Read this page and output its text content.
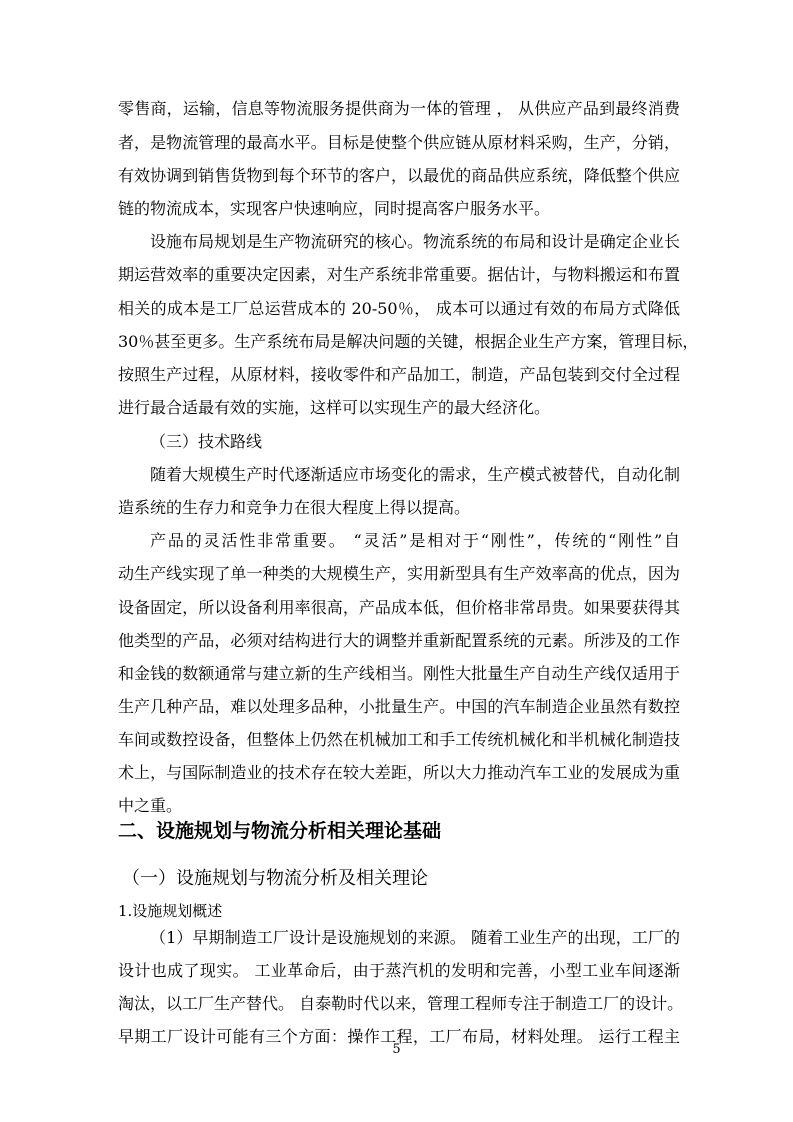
零售商，运输，信息等物流服务提供商为一体的管理 ， 从供应产品到最终消费
者，是物流管理的最高水平。目标是使整个供应链从原材料采购，生产，分销，
有效协调到销售货物到每个环节的客户，以最优的商品供应系统，降低整个供应
链的物流成本，实现客户快速响应，同时提高客户服务水平。
设施布局规划是生产物流研究的核心。物流系统的布局和设计是确定企业长
期运营效率的重要决定因素，对生产系统非常重要。据估计，与物料搬运和布置
相关的成本是工厂总运营成本的 20-50％， 成本可以通过有效的布局方式降低
30％甚至更多。生产系统布局是解决问题的关键，根据企业生产方案，管理目标，
按照生产过程，从原材料，接收零件和产品加工，制造，产品包装到交付全过程
进行最合适最有效的实施，这样可以实现生产的最大经济化。
（三）技术路线
随着大规模生产时代逐渐适应市场变化的需求，生产模式被替代，自动化制
造系统的生存力和竞争力在很大程度上得以提高。
产品的灵活性非常重要。 “灵活”是相对于“刚性”，传统的“刚性”自
动生产线实现了单一种类的大规模生产，实用新型具有生产效率高的优点，因为
设备固定，所以设备利用率很高，产品成本低，但价格非常昂贵。如果要获得其
他类型的产品，必须对结构进行大的调整并重新配置系统的元素。所涉及的工作
和金钱的数额通常与建立新的生产线相当。刚性大批量生产自动生产线仅适用于
生产几种产品，难以处理多品种，小批量生产。中国的汽车制造企业虽然有数控
车间或数控设备，但整体上仍然在机械加工和手工传统机械化和半机械化制造技
术上，与国际制造业的技术存在较大差距，所以大力推动汽车工业的发展成为重
中之重。
二、设施规划与物流分析相关理论基础
（一）设施规划与物流分析及相关理论
1.设施规划概述
（1）早期制造工厂设计是设施规划的来源。 随着工业生产的出现，工厂的
设计也成了现实。 工业革命后，由于蒸汽机的发明和完善，小型工业车间逐渐
淘汰，以工厂生产替代。 自泰勒时代以来，管理工程师专注于制造工厂的设计。
早期工厂设计可能有三个方面：操作工程，工厂布局，材料处理。 运行工程主
5
